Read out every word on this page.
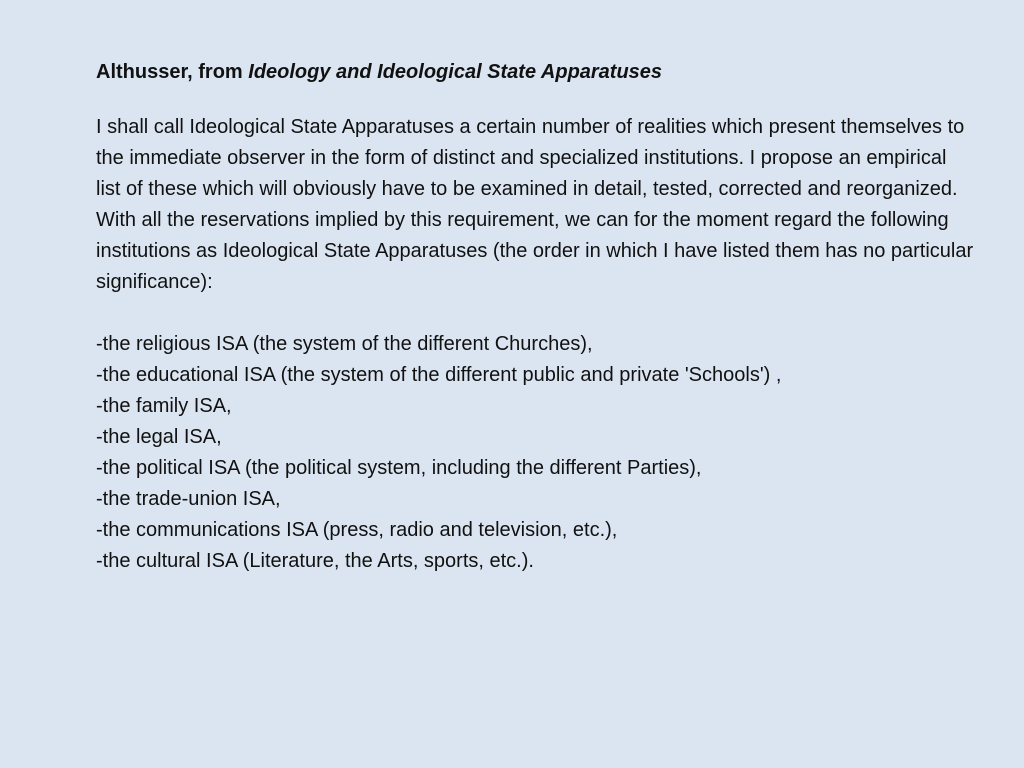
Althusser, from Ideology and Ideological State Apparatuses

I shall call Ideological State Apparatuses a certain number of realities which present themselves to the immediate observer in the form of distinct and specialized institutions. I propose an empirical list of these which will obviously have to be examined in detail, tested, corrected and reorganized. With all the reservations implied by this requirement, we can for the moment regard the following institutions as Ideological State Apparatuses (the order in which I have listed them has no particular significance):

-the religious ISA (the system of the different Churches),
-the educational ISA (the system of the different public and private 'Schools') ,
-the family ISA,
-the legal ISA,
-the political ISA (the political system, including the different Parties),
-the trade-union ISA,
-the communications ISA (press, radio and television, etc.),
-the cultural ISA (Literature, the Arts, sports, etc.).
